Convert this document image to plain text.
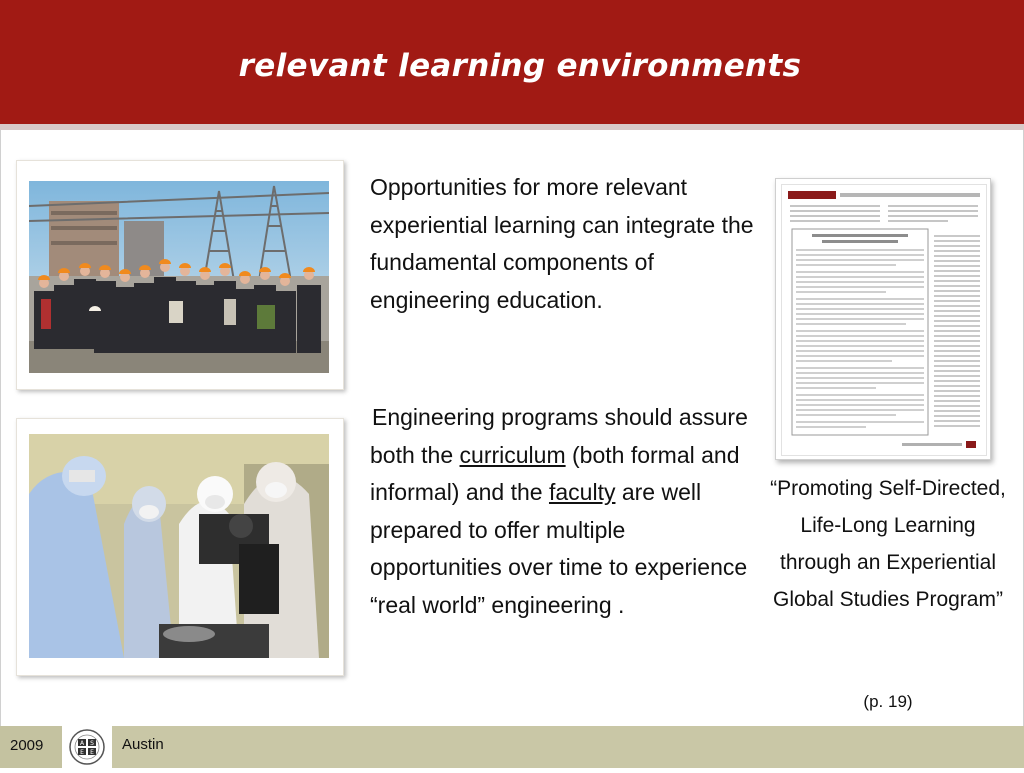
relevant learning environments
Opportunities for more relevant experiential learning can integrate the fundamental components of engineering education.
Engineering programs should assure both the curriculum (both formal and informal) and the faculty are well prepared to offer multiple opportunities over time to experience “real world” engineering .
“Promoting Self-Directed, Life-Long Learning through an Experiential Global Studies Program”
(p. 19)
2009	A S
E E Austin
